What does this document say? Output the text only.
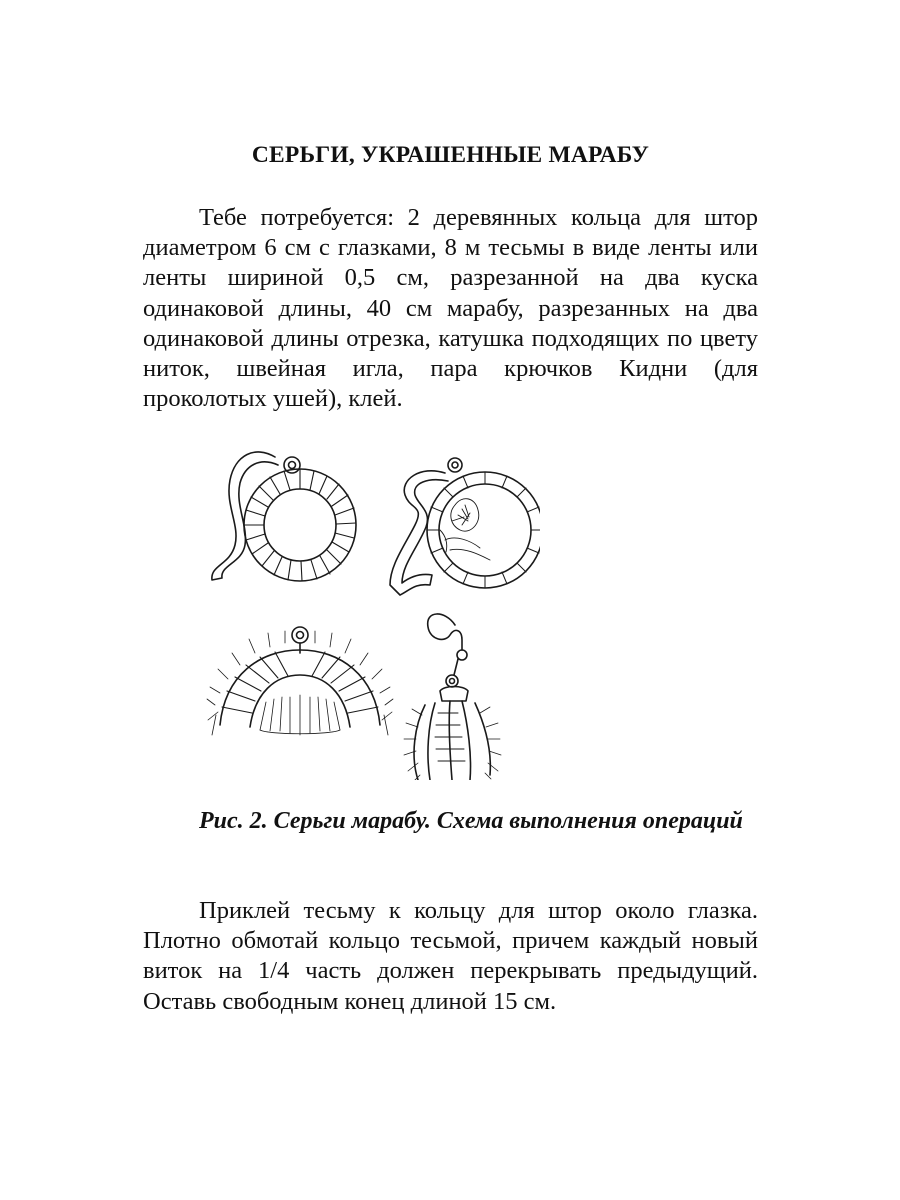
СЕРЬГИ, УКРАШЕННЫЕ МАРАБУ

Тебе потребуется: 2 деревянных кольца для штор диаметром 6 см с глазками, 8 м тесьмы в виде ленты или ленты шириной 0,5 см, разрезанной на два куска одинаковой длины, 40 см марабу, разрезанных на два одинаковой длины отрезка, катушка подходящих по цвету ниток, швейная игла, пара крючков Кидни (для проколотых ушей), клей.

Рис. 2. Серьги марабу. Схема выполнения операций

Приклей тесьму к кольцу для штор около глазка. Плотно обмотай кольцо тесьмой, причем каждый новый виток на 1/4 часть должен перекрывать предыдущий. Оставь свободным конец длиной 15 см.
